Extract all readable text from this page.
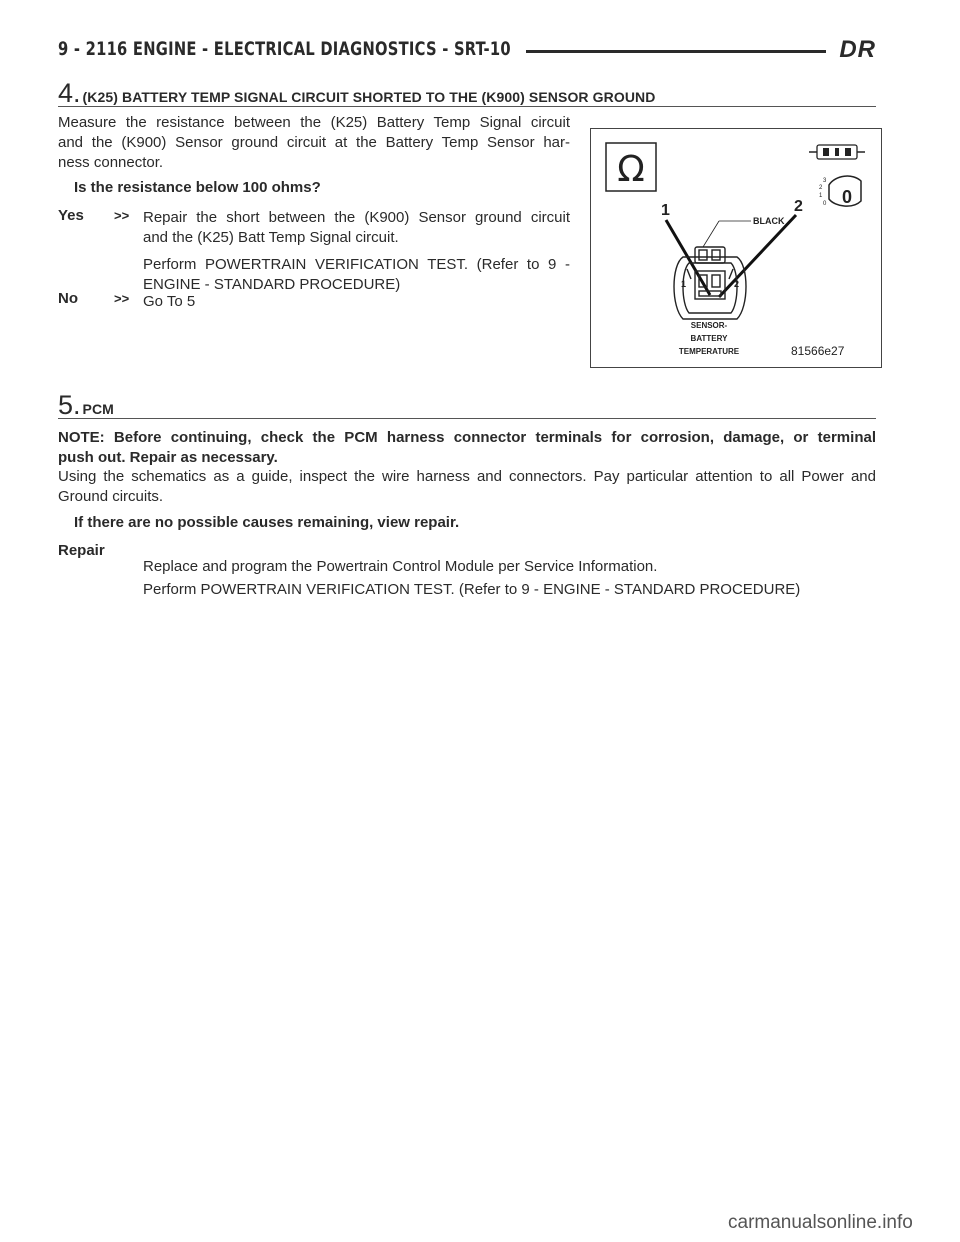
9 - 2116 ENGINE - ELECTRICAL DIAGNOSTICS - SRT-10	DR
4. (K25) BATTERY TEMP SIGNAL CIRCUIT SHORTED TO THE (K900) SENSOR GROUND
Measure the resistance between the (K25) Battery Temp Signal circuit
and the (K900) Sensor ground circuit at the Battery Temp Sensor har-
ness connector.
Is the resistance below 100 ohms?
Yes >> Repair the short between the (K900) Sensor ground circuit
and the (K25) Batt Temp Signal circuit.
Perform POWERTRAIN VERIFICATION TEST. (Refer to 9 -
ENGINE - STANDARD PROCEDURE)
No	>> Go To 5
Ω	3
2
1
0 0
1	2
BLACK
1	2
SENSOR-
BATTERY
TEMPERATURE	81566e27
5. PCM
NOTE: Before continuing, check the PCM harness connector terminals for corrosion, damage, or terminal
push out. Repair as necessary.
Using the schematics as a guide, inspect the wire harness and connectors. Pay particular attention to all Power and
Ground circuits.
If there are no possible causes remaining, view repair.
Repair
Replace and program the Powertrain Control Module per Service Information.
Perform POWERTRAIN VERIFICATION TEST. (Refer to 9 - ENGINE - STANDARD PROCEDURE)
carmanualsonline.info
